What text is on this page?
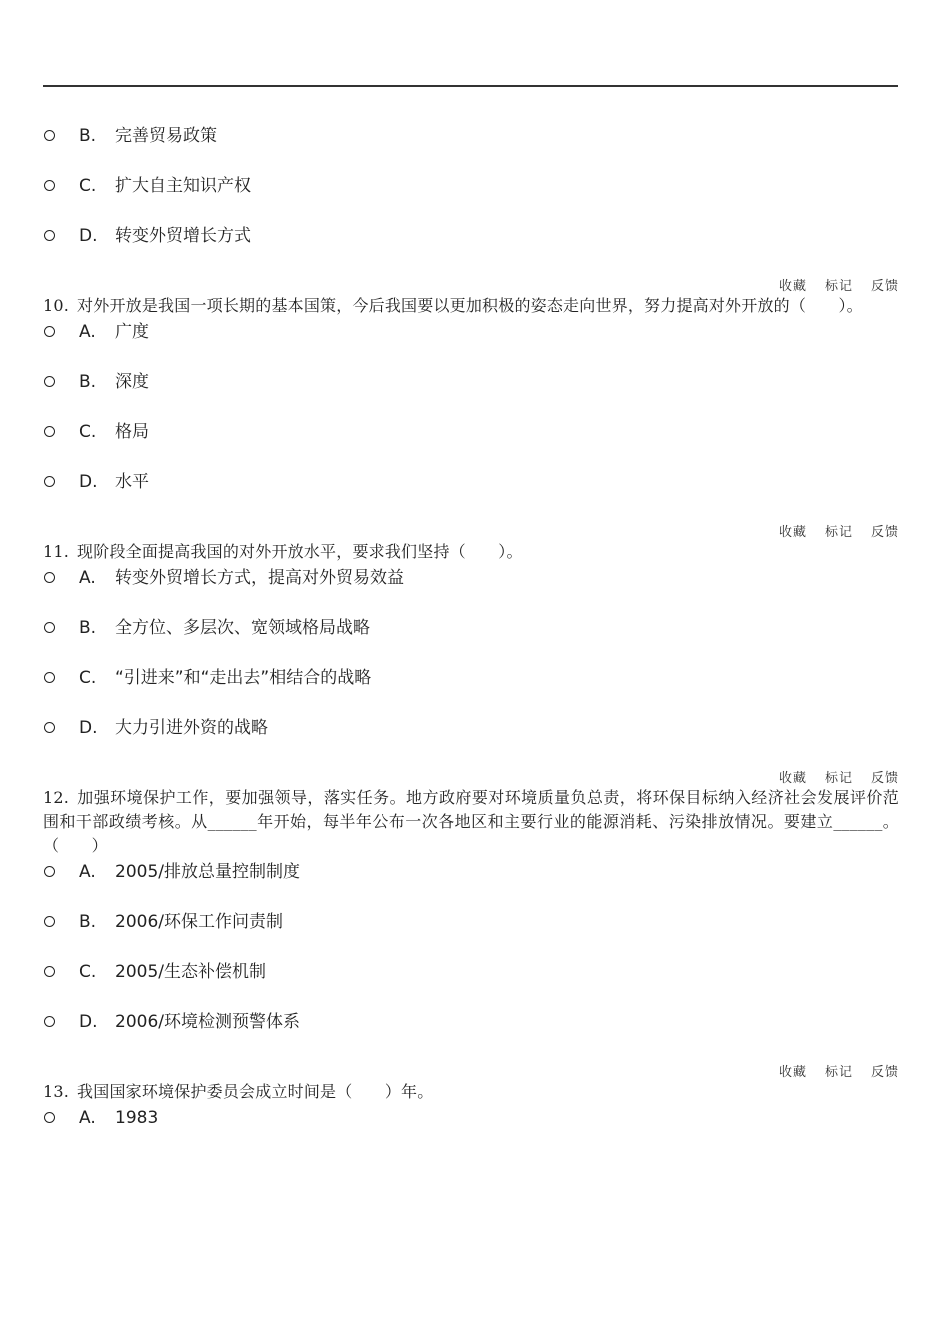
B.	完善贸易政策
C.	扩大自主知识产权
D.	转变外贸增长方式
收藏 标记 反馈
10. 对外开放是我国一项长期的基本国策，今后我国要以更加积极的姿态走向世界，努力提高对外开放的（　　）。
A.	广度
B.	深度
C.	格局
D.	水平
收藏 标记 反馈
11. 现阶段全面提高我国的对外开放水平，要求我们坚持（　　）。
A.	转变外贸增长方式，提高对外贸易效益
B.	全方位、多层次、宽领域格局战略
C.	“引进来”和“走出去”相结合的战略
D.	大力引进外资的战略
收藏 标记 反馈
12. 加强环境保护工作，要加强领导，落实任务。地方政府要对环境质量负总责，将环保目标纳入经济社会发展评价范围和干部政绩考核。从______年开始，每半年公布一次各地区和主要行业的能源消耗、污染排放情况。要建立______。（　　）
A.	2005/排放总量控制制度
B.	2006/环保工作问责制
C.	2005/生态补偿机制
D.	2006/环境检测预警体系
收藏 标记 反馈
13. 我国国家环境保护委员会成立时间是（　　）年。
A.	1983
